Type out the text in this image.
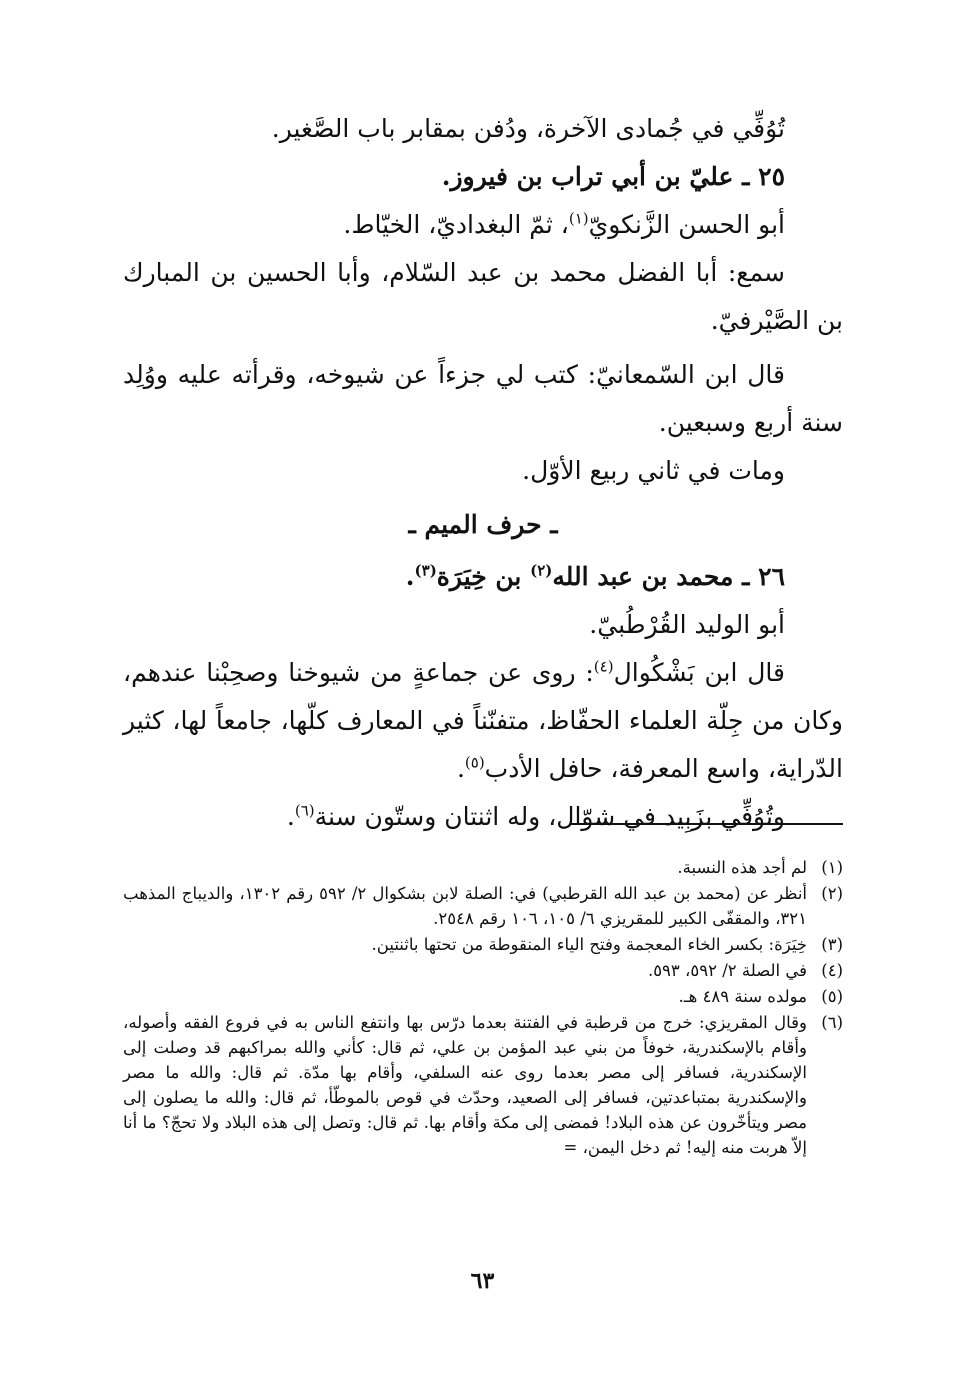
تُوُفِّي في جُمادى الآخرة، ودُفن بمقابر باب الصَّغير.

٢٥ ـ عليّ بن أبي تراب بن فيروز.

أبو الحسن الزَّنكويّ$^{(١)}$، ثمّ البغداديّ، الخيّاط.

سمع: أبا الفضل محمد بن عبد السّلام، وأبا الحسين بن المبارك بن الصَّيْرفيّ.

قال ابن السّمعانيّ: كتب لي جزءاً عن شيوخه، وقرأته عليه ووُلِد سنة أربع وسبعين.

ومات في ثاني ربيع الأوّل.

ـ حرف الميم ـ

٢٦ ـ محمد بن عبد الله$^{(٢)}$ بن خِيَرَة$^{(٣)}$.

أبو الوليد القُرْطُبيّ.

قال ابن بَشْكُوال$^{(٤)}$: روى عن جماعةٍ من شيوخنا وصحِبْنا عندهم، وكان من جِلّة العلماء الحفّاظ، متفنّناً في المعارف كلّها، جامعاً لها، كثير الدّراية، واسع المعرفة، حافل الأدب$^{(٥)}$.

وتُوُفِّي بزَبِيد في شوّال، وله اثنتان وستّون سنة$^{(٦)}$.

(١)
لم أجد هذه النسبة.
(٢)
أنظر عن (محمد بن عبد الله القرطبي) في: الصلة لابن بشكوال ٢/ ٥٩٢ رقم ١٣٠٢، والديباج المذهب ٣٢١، والمقفّى الكبير للمقريزي ٦/ ١٠٥، ١٠٦ رقم ٢٥٤٨.
(٣)
خِيَرَة: بكسر الخاء المعجمة وفتح الياء المنقوطة من تحتها باثنتين.
(٤)
في الصلة ٢/ ٥٩٢، ٥٩٣.
(٥)
مولده سنة ٤٨٩ هـ.
(٦)
وقال المقريزي: خرج من قرطبة في الفتنة بعدما درّس بها وانتفع الناس به في فروع الفقه وأصوله، وأقام بالإسكندرية، خوفاً من بني عبد المؤمن بن علي، ثم قال: كأني والله بمراكبهم قد وصلت إلى الإسكندرية، فسافر إلى مصر بعدما روى عنه السلفي، وأقام بها مدّة. ثم قال: والله ما مصر والإسكندرية بمتباعدتين، فسافر إلى الصعيد، وحدّث في قوص بالموطّأ، ثم قال: والله ما يصلون إلى مصر ويتأخّرون عن هذه البلاد! فمضى إلى مكة وأقام بها. ثم قال: وتصل إلى هذه البلاد ولا تحجّ؟ ما أنا إلاّ هربت منه إليه! ثم دخل اليمن، =
٦٣
